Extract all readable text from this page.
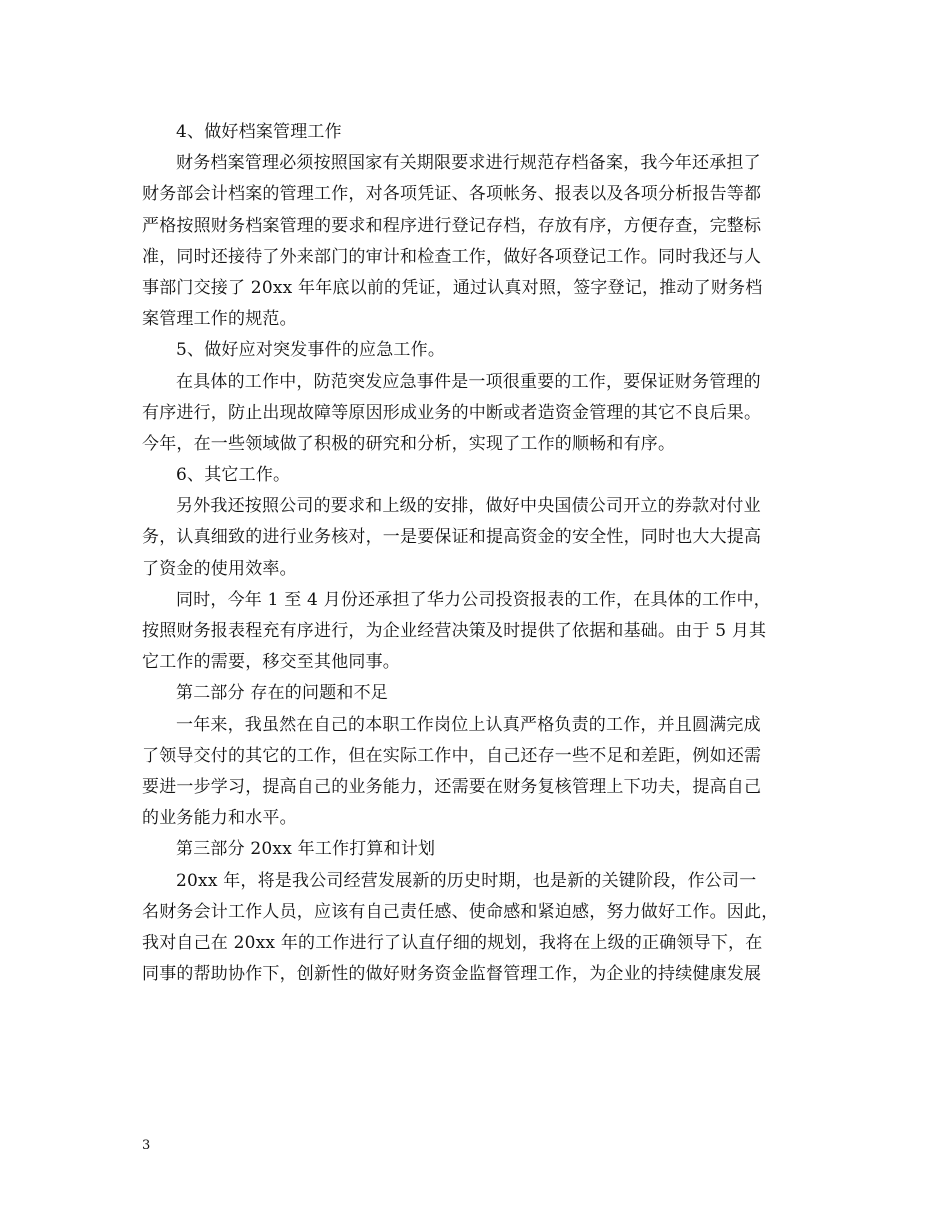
4、做好档案管理工作
财务档案管理必须按照国家有关期限要求进行规范存档备案，我今年还承担了
财务部会计档案的管理工作，对各项凭证、各项帐务、报表以及各项分析报告等都
严格按照财务档案管理的要求和程序进行登记存档，存放有序，方便存查，完整标
准，同时还接待了外来部门的审计和检查工作，做好各项登记工作。同时我还与人
事部门交接了 20xx 年年底以前的凭证，通过认真对照，签字登记，推动了财务档
案管理工作的规范。
5、做好应对突发事件的应急工作。
在具体的工作中，防范突发应急事件是一项很重要的工作，要保证财务管理的
有序进行，防止出现故障等原因形成业务的中断或者造资金管理的其它不良后果。
今年，在一些领域做了积极的研究和分析，实现了工作的顺畅和有序。
6、其它工作。
另外我还按照公司的要求和上级的安排，做好中央国债公司开立的券款对付业
务，认真细致的进行业务核对，一是要保证和提高资金的安全性，同时也大大提高
了资金的使用效率。
同时，今年 1 至 4 月份还承担了华力公司投资报表的工作，在具体的工作中，
按照财务报表程充有序进行，为企业经营决策及时提供了依据和基础。由于 5 月其
它工作的需要，移交至其他同事。
第二部分 存在的问题和不足
一年来，我虽然在自己的本职工作岗位上认真严格负责的工作，并且圆满完成
了领导交付的其它的工作，但在实际工作中，自己还存一些不足和差距，例如还需
要进一步学习，提高自己的业务能力，还需要在财务复核管理上下功夫，提高自己
的业务能力和水平。
第三部分 20xx 年工作打算和计划
20xx 年，将是我公司经营发展新的历史时期，也是新的关键阶段，作公司一
名财务会计工作人员，应该有自己责任感、使命感和紧迫感，努力做好工作。因此，
我对自己在 20xx 年的工作进行了认直仔细的规划，我将在上级的正确领导下，在
同事的帮助协作下，创新性的做好财务资金监督管理工作，为企业的持续健康发展
3
